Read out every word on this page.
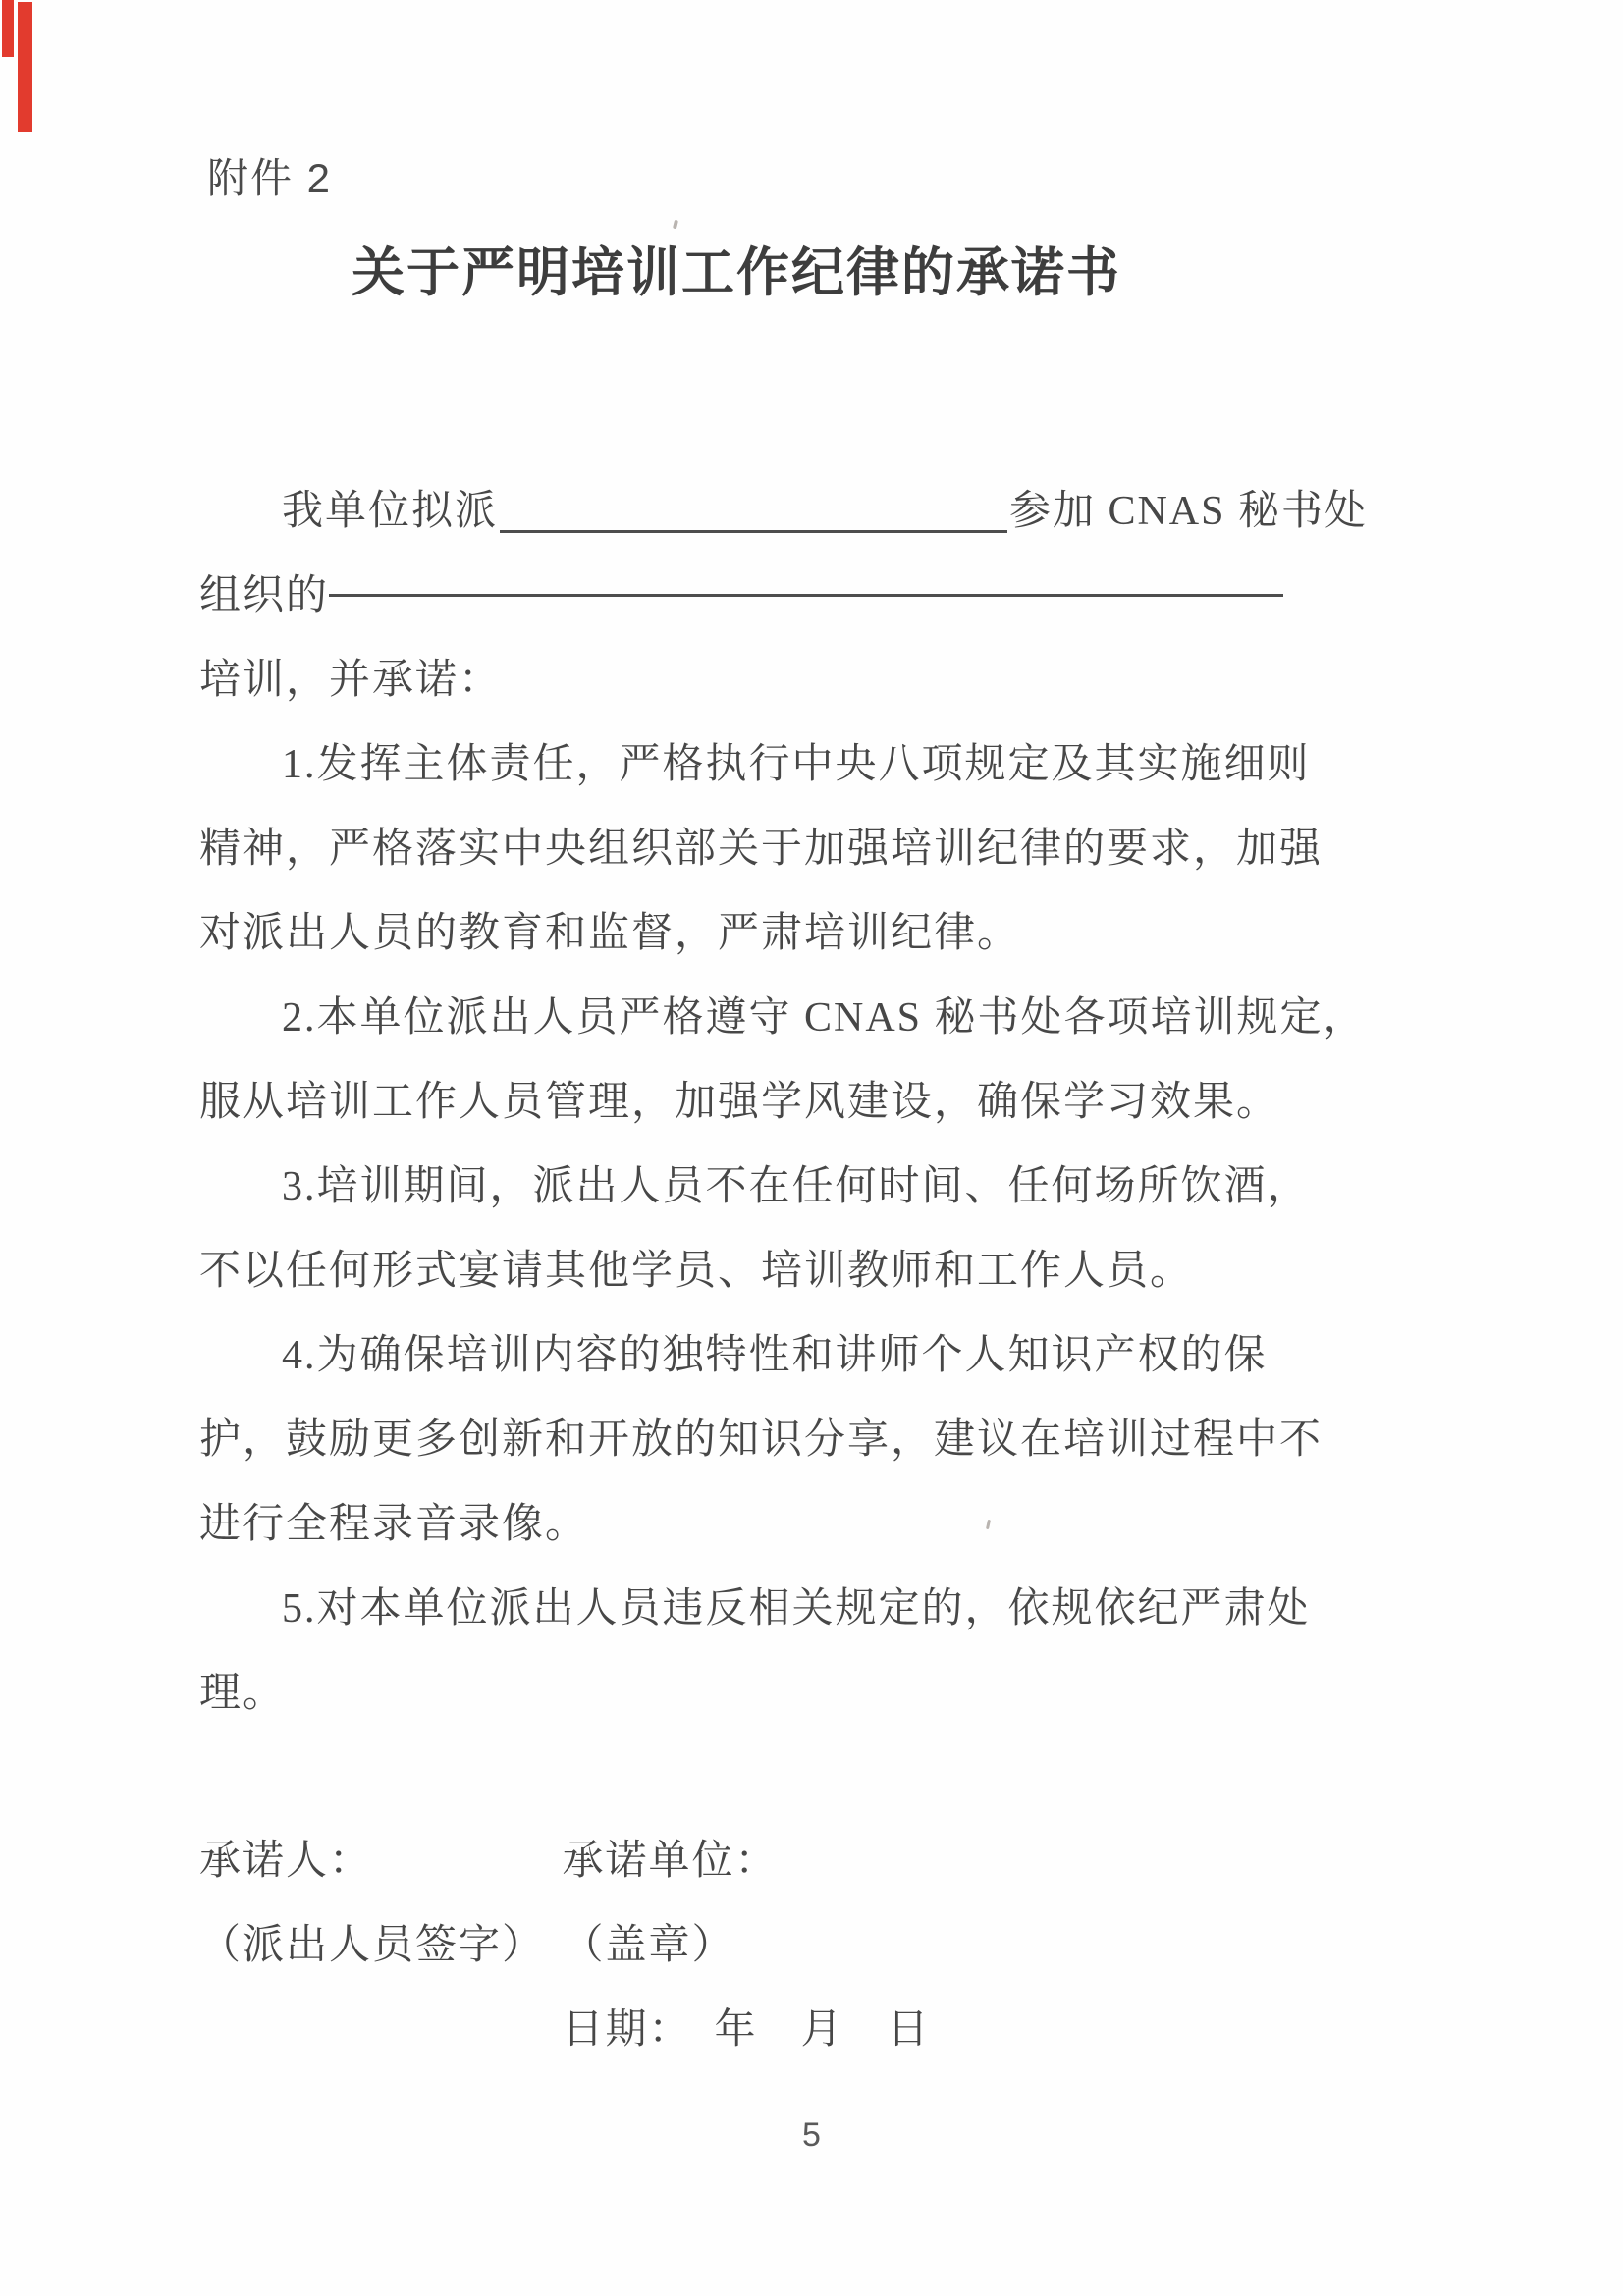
附件 2
关于严明培训工作纪律的承诺书
我单位拟派	参加 CNAS 秘书处
组织的
培训，并承诺：
1.发挥主体责任，严格执行中央八项规定及其实施细则
精神，严格落实中央组织部关于加强培训纪律的要求，加强
对派出人员的教育和监督，严肃培训纪律。
2.本单位派出人员严格遵守 CNAS 秘书处各项培训规定，
服从培训工作人员管理，加强学风建设，确保学习效果。
3.培训期间，派出人员不在任何时间、任何场所饮酒，
不以任何形式宴请其他学员、培训教师和工作人员。
4.为确保培训内容的独特性和讲师个人知识产权的保
护，鼓励更多创新和开放的知识分享，建议在培训过程中不
进行全程录音录像。
5.对本单位派出人员违反相关规定的，依规依纪严肃处
理。
承诺人：	承诺单位：
（派出人员签字） （盖章）
日期：　年　月　日
5
